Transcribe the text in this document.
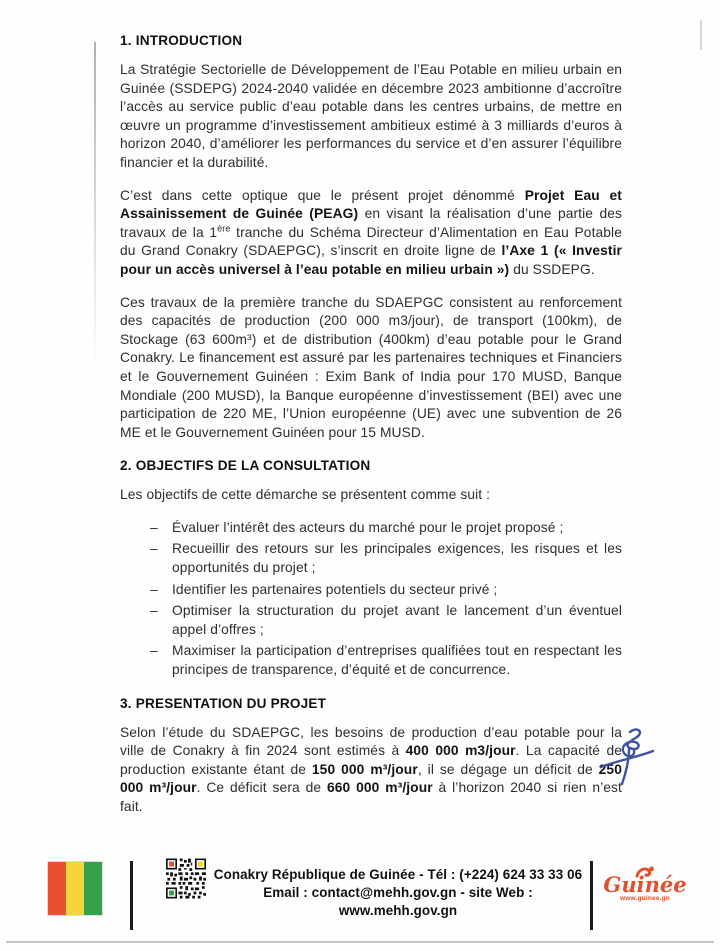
1. INTRODUCTION

La Stratégie Sectorielle de Développement de l’Eau Potable en milieu urbain en Guinée (SSDEPG) 2024-2040 validée en décembre 2023 ambitionne d’accroître l’accès au service public d’eau potable dans les centres urbains, de mettre en œuvre un programme d’investissement ambitieux estimé à 3 milliards d’euros à horizon 2040, d’améliorer les performances du service et d’en assurer l’équilibre financier et la durabilité.

C’est dans cette optique que le présent projet dénommé Projet Eau et Assainissement de Guinée (PEAG) en visant la réalisation d’une partie des travaux de la 1ère tranche du Schéma Directeur d’Alimentation en Eau Potable du Grand Conakry (SDAEPGC), s’inscrit en droite ligne de l’Axe 1 (« Investir pour un accès universel à l’eau potable en milieu urbain ») du SSDEPG.

Ces travaux de la première tranche du SDAEPGC consistent au renforcement des capacités de production (200 000 m3/jour), de transport (100km), de Stockage (63 600m³) et de distribution (400km) d’eau potable pour le Grand Conakry. Le financement est assuré par les partenaires techniques et Financiers et le Gouvernement Guinéen : Exim Bank of India pour 170 MUSD, Banque Mondiale (200 MUSD), la Banque européenne d’investissement (BEI) avec une participation de 220 ME, l’Union européenne (UE) avec une subvention de 26 ME et le Gouvernement Guinéen pour 15 MUSD.

2. OBJECTIFS DE LA CONSULTATION

Les objectifs de cette démarche se présentent comme suit :

–	Évaluer l’intérêt des acteurs du marché pour le projet proposé ;
–	Recueillir des retours sur les principales exigences, les risques et les opportunités du projet ;
–	Identifier les partenaires potentiels du secteur privé ;
–	Optimiser la structuration du projet avant le lancement d’un éventuel appel d’offres ;
–	Maximiser la participation d’entreprises qualifiées tout en respectant les principes de transparence, d’équité et de concurrence.
3. PRESENTATION DU PROJET

Selon l’étude du SDAEPGC, les besoins de production d’eau potable pour la ville de Conakry à fin 2024 sont estimés à 400 000 m3/jour. La capacité de production existante étant de 150 000 m³/jour, il se dégage un déficit de 250 000 m³/jour. Ce déficit sera de 660 000 m³/jour à l’horizon 2040 si rien n’est fait.

Conakry République de Guinée - Tél : (+224) 624 33 33 06
Email : contact@mehh.gov.gn - site Web : www.mehh.gov.gn
Guinée
www.guinee.gn
